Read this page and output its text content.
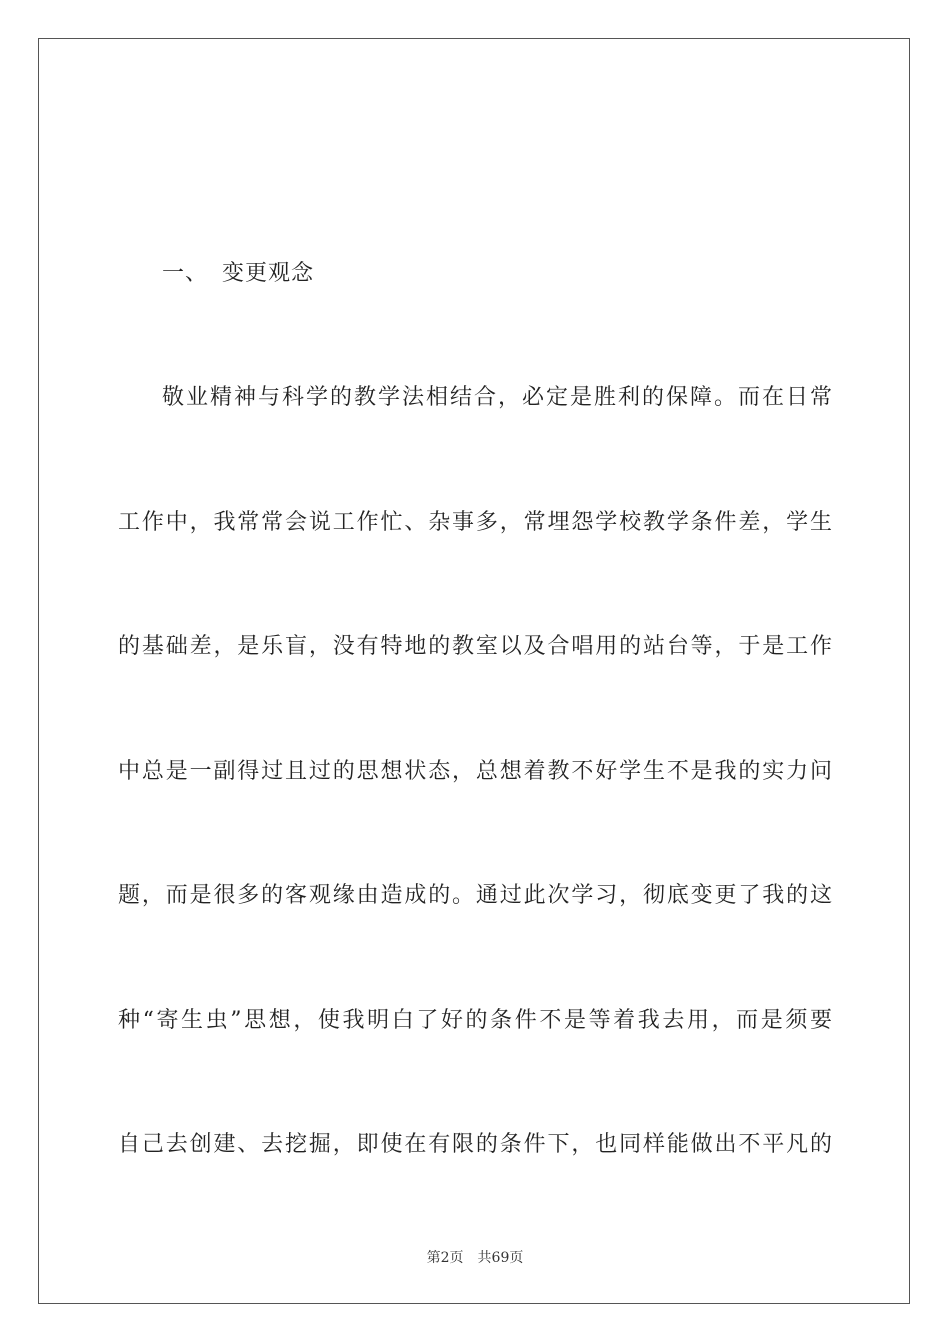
一、 变更观念
敬业精神与科学的教学法相结合，必定是胜利的保障。而在日常
工作中，我常常会说工作忙、杂事多，常埋怨学校教学条件差，学生
的基础差，是乐盲，没有特地的教室以及合唱用的站台等，于是工作
中总是一副得过且过的思想状态，总想着教不好学生不是我的实力问
题，而是很多的客观缘由造成的。通过此次学习，彻底变更了我的这
种“寄生虫”思想，使我明白了好的条件不是等着我去用，而是须要
自己去创建、去挖掘，即使在有限的条件下，也同样能做出不平凡的
第2页 共69页
